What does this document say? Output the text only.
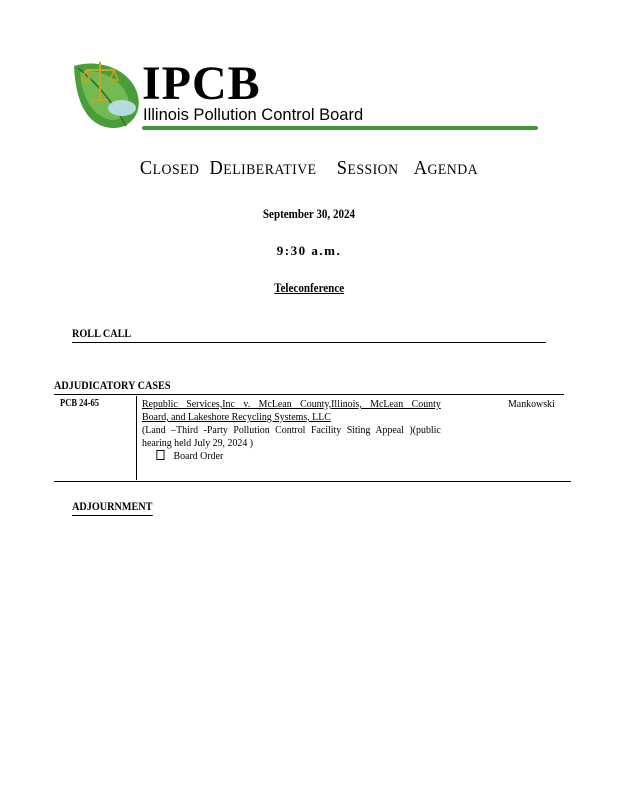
IPCB
Illinois Pollution Control Board
CLOSED DELIBERATIVE SESSION AGENDA
September 30, 2024
9:30 a.m.
Teleconference
ROLL CALL
ADJUDICATORY CASES
PCB 24-65	Republic Services,Inc v. McLean County,Illinois, McLean County
Board, and Lakeshore Recycling Systems, LLC
(Land –Third -Party Pollution Control Facility Siting Appeal )(public hearing held July 29, 2024 )
Board Order
Mankowski
ADJOURNMENT
